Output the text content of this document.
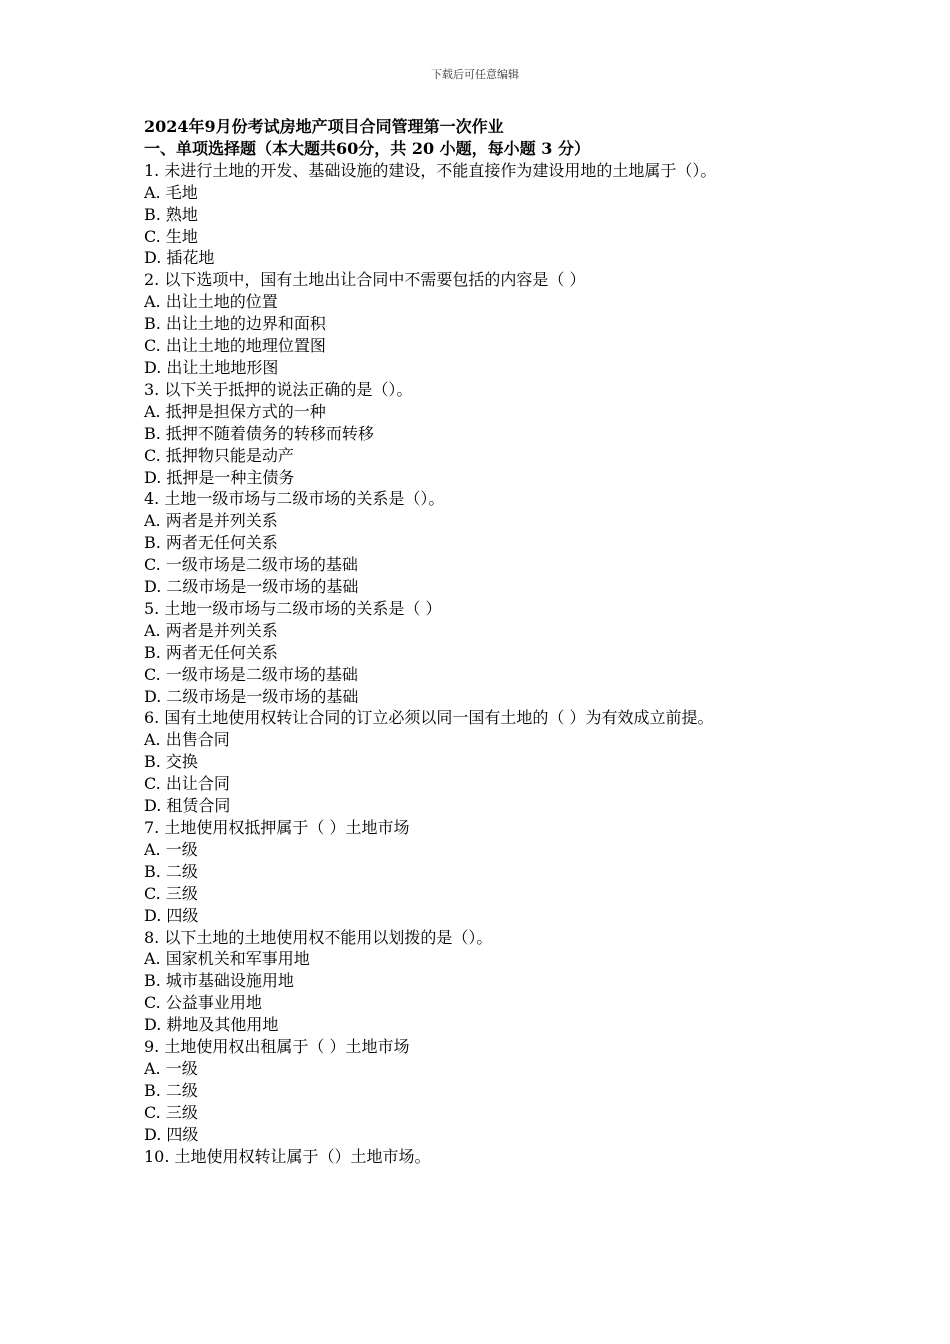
下载后可任意编辑
2024年9月份考试房地产项目合同管理第一次作业
一、单项选择题（本大题共60分，共 20 小题，每小题 3 分）
1. 未进行土地的开发、基础设施的建设，不能直接作为建设用地的土地属于（）。
A. 毛地
B. 熟地
C. 生地
D. 插花地
2. 以下选项中，国有土地出让合同中不需要包括的内容是（ ）
A. 出让土地的位置
B. 出让土地的边界和面积
C. 出让土地的地理位置图
D. 出让土地地形图
3. 以下关于抵押的说法正确的是（）。
A. 抵押是担保方式的一种
B. 抵押不随着债务的转移而转移
C. 抵押物只能是动产
D. 抵押是一种主债务
4. 土地一级市场与二级市场的关系是（）。
A. 两者是并列关系
B. 两者无任何关系
C. 一级市场是二级市场的基础
D. 二级市场是一级市场的基础
5. 土地一级市场与二级市场的关系是（ ）
A. 两者是并列关系
B. 两者无任何关系
C. 一级市场是二级市场的基础
D. 二级市场是一级市场的基础
6. 国有土地使用权转让合同的订立必须以同一国有土地的（ ）为有效成立前提。
A. 出售合同
B. 交换
C. 出让合同
D. 租赁合同
7. 土地使用权抵押属于（ ）土地市场
A. 一级
B. 二级
C. 三级
D. 四级
8. 以下土地的土地使用权不能用以划拨的是（）。
A. 国家机关和军事用地
B. 城市基础设施用地
C. 公益事业用地
D. 耕地及其他用地
9. 土地使用权出租属于（ ）土地市场
A. 一级
B. 二级
C. 三级
D. 四级
10. 土地使用权转让属于（）土地市场。
